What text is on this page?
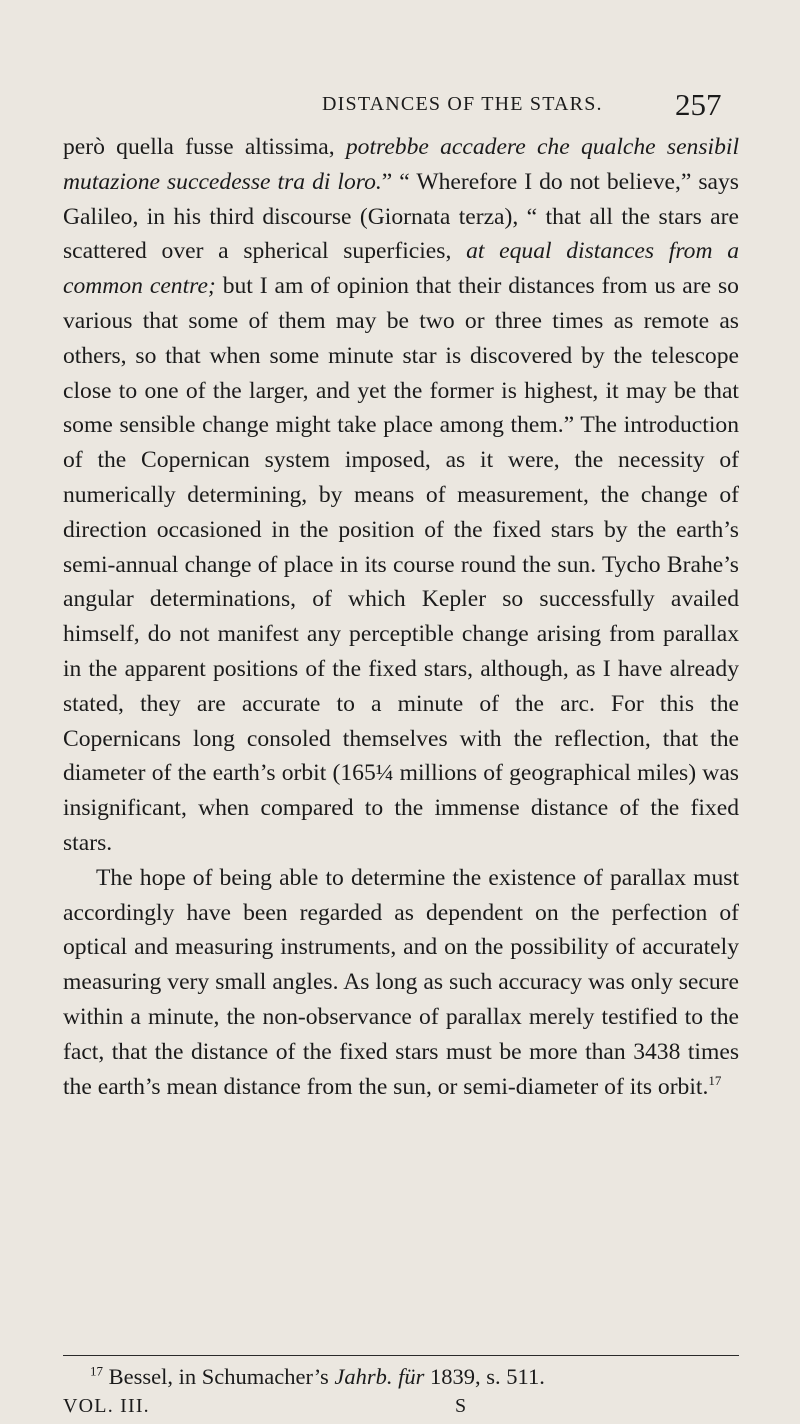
DISTANCES OF THE STARS. 257

però quella fusse altissima, potrebbe accadere che qualche sensibil mutazione succedesse tra di loro.” “ Wherefore I do not believe,” says Galileo, in his third discourse (Giornata terza), “ that all the stars are scattered over a spherical superficies, at equal distances from a common centre; but I am of opinion that their distances from us are so various that some of them may be two or three times as remote as others, so that when some minute star is discovered by the telescope close to one of the larger, and yet the former is highest, it may be that some sensible change might take place among them.” The introduction of the Copernican system imposed, as it were, the necessity of numerically determining, by means of measurement, the change of direction occasioned in the position of the fixed stars by the earth’s semi-annual change of place in its course round the sun. Tycho Brahe’s angular determinations, of which Kepler so successfully availed himself, do not manifest any perceptible change arising from parallax in the apparent positions of the fixed stars, although, as I have already stated, they are accurate to a minute of the arc. For this the Copernicans long consoled themselves with the reflection, that the diameter of the earth’s orbit (165¼ millions of geographical miles) was insignificant, when compared to the immense distance of the fixed stars.

The hope of being able to determine the existence of parallax must accordingly have been regarded as dependent on the perfection of optical and measuring instruments, and on the possibility of accurately measuring very small angles. As long as such accuracy was only secure within a minute, the non-observance of parallax merely testified to the fact, that the distance of the fixed stars must be more than 3438 times the earth’s mean distance from the sun, or semi-diameter of its orbit.$^{17}$

$^{17}$ Bessel, in Schumacher’s Jahrb. für 1839, s. 511.
VOL. III.	S
